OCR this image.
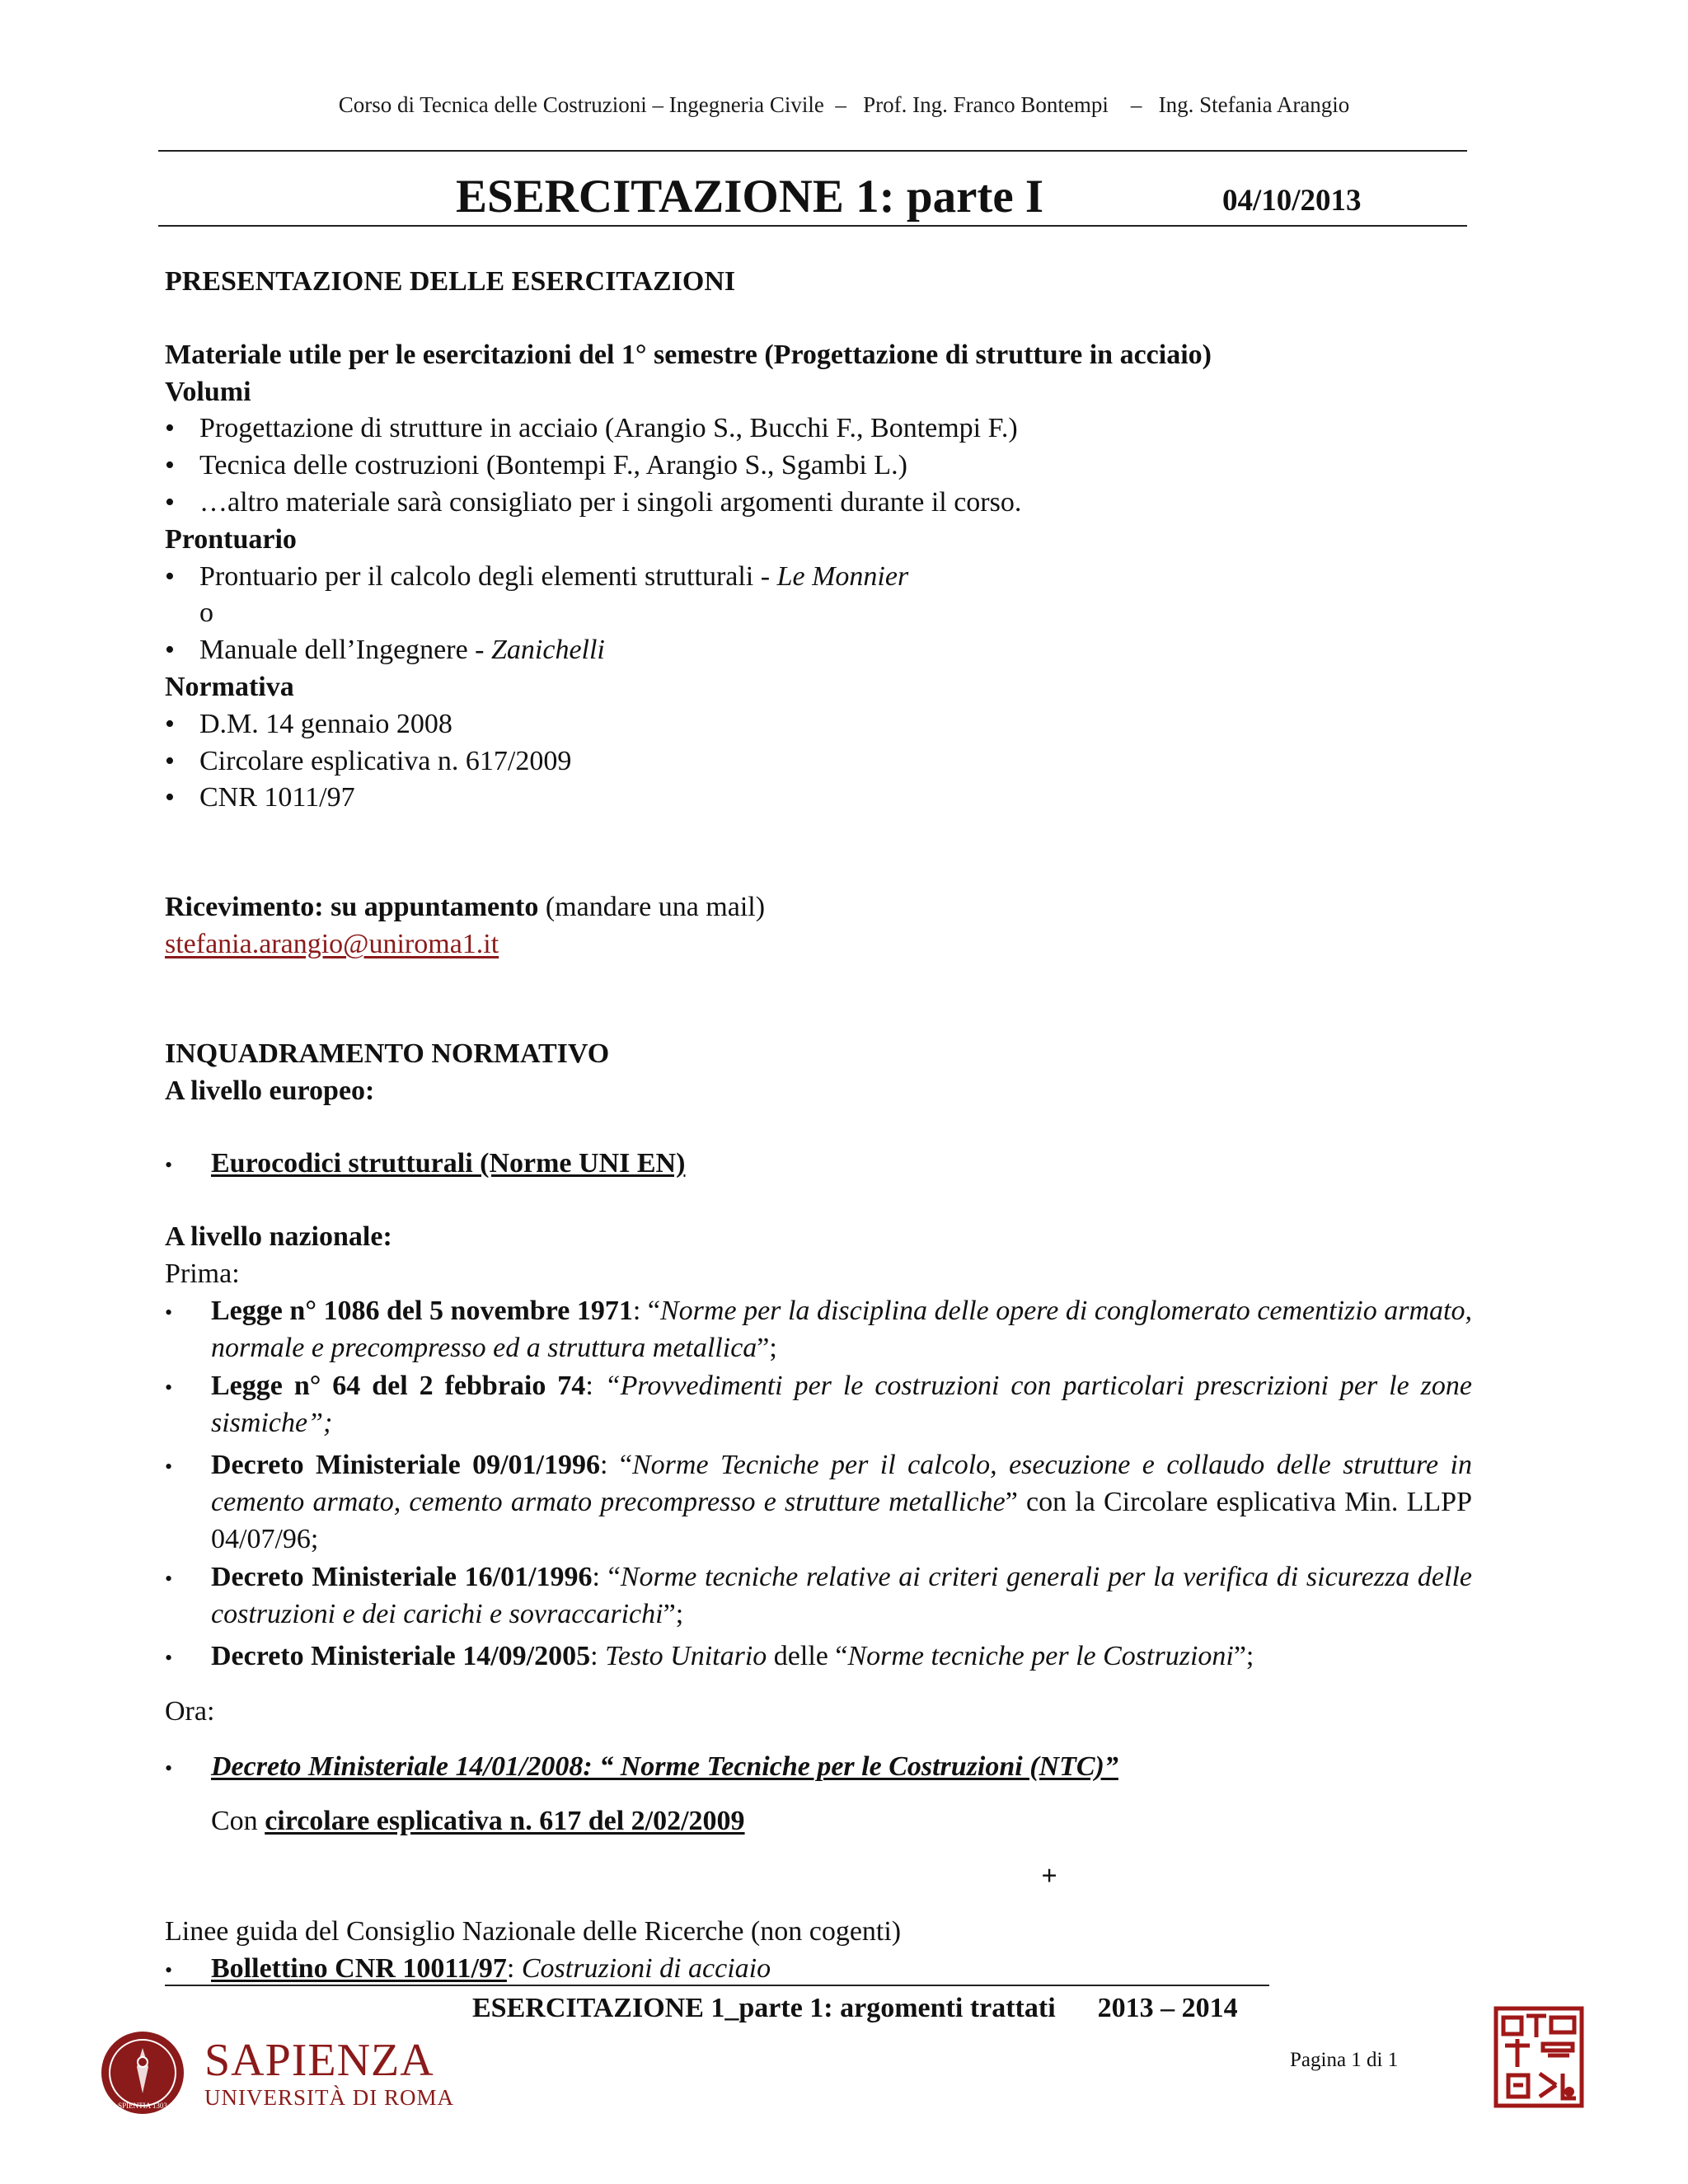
Corso di Tecnica delle Costruzioni – Ingegneria Civile  –   Prof. Ing. Franco Bontempi    –   Ing. Stefania Arangio
ESERCITAZIONE 1: parte I	04/10/2013

PRESENTAZIONE DELLE ESERCITAZIONI

Materiale utile per le esercitazioni del 1° semestre (Progettazione di strutture in acciaio)

Volumi

• Progettazione di strutture in acciaio (Arangio S., Bucchi F., Bontempi F.)
• Tecnica delle costruzioni (Bontempi F., Arangio S., Sgambi L.)
• …altro materiale sarà consigliato per i singoli argomenti durante il corso.

Prontuario

• Prontuario per il calcolo degli elementi strutturali - Le Monnier

o

• Manuale dell’Ingegnere - Zanichelli

Normativa

• D.M. 14 gennaio 2008
• Circolare esplicativa n. 617/2009
• CNR 1011/97

Ricevimento: su appuntamento (mandare una mail)

stefania.arangio@uniroma1.it

INQUADRAMENTO NORMATIVO

A livello europeo:

• Eurocodici strutturali (Norme UNI EN)

A livello nazionale:

Prima:

• Legge n° 1086 del 5 novembre 1971: “Norme per la disciplina delle opere di conglomerato cementizio armato, normale e precompresso ed a struttura metallica”;
• Legge n° 64 del 2 febbraio 74: “Provvedimenti per le costruzioni con particolari prescrizioni per le zone sismiche”;
• Decreto Ministeriale 09/01/1996: “Norme Tecniche per il calcolo, esecuzione e collaudo delle strutture in cemento armato, cemento armato precompresso e strutture metalliche” con la Circolare esplicativa Min. LLPP 04/07/96;
• Decreto Ministeriale 16/01/1996: “Norme tecniche relative ai criteri generali per la verifica di sicurezza delle costruzioni e dei carichi e sovraccarichi”;
• Decreto Ministeriale 14/09/2005: Testo Unitario delle “Norme tecniche per le Costruzioni”;

Ora:

• Decreto Ministeriale 14/01/2008: “ Norme Tecniche per le Costruzioni (NTC)”

Con circolare esplicativa n. 617 del 2/02/2009

+

Linee guida del Consiglio Nazionale delle Ricerche (non cogenti)

• Bollettino CNR 10011/97: Costruzioni di acciaio
ESERCITAZIONE 1_parte 1: argomenti trattati      2013 – 2014
Pagina 1 di 1
SPIENTIA 1303
SAPIENZA
UNIVERSITÀ DI ROMA
